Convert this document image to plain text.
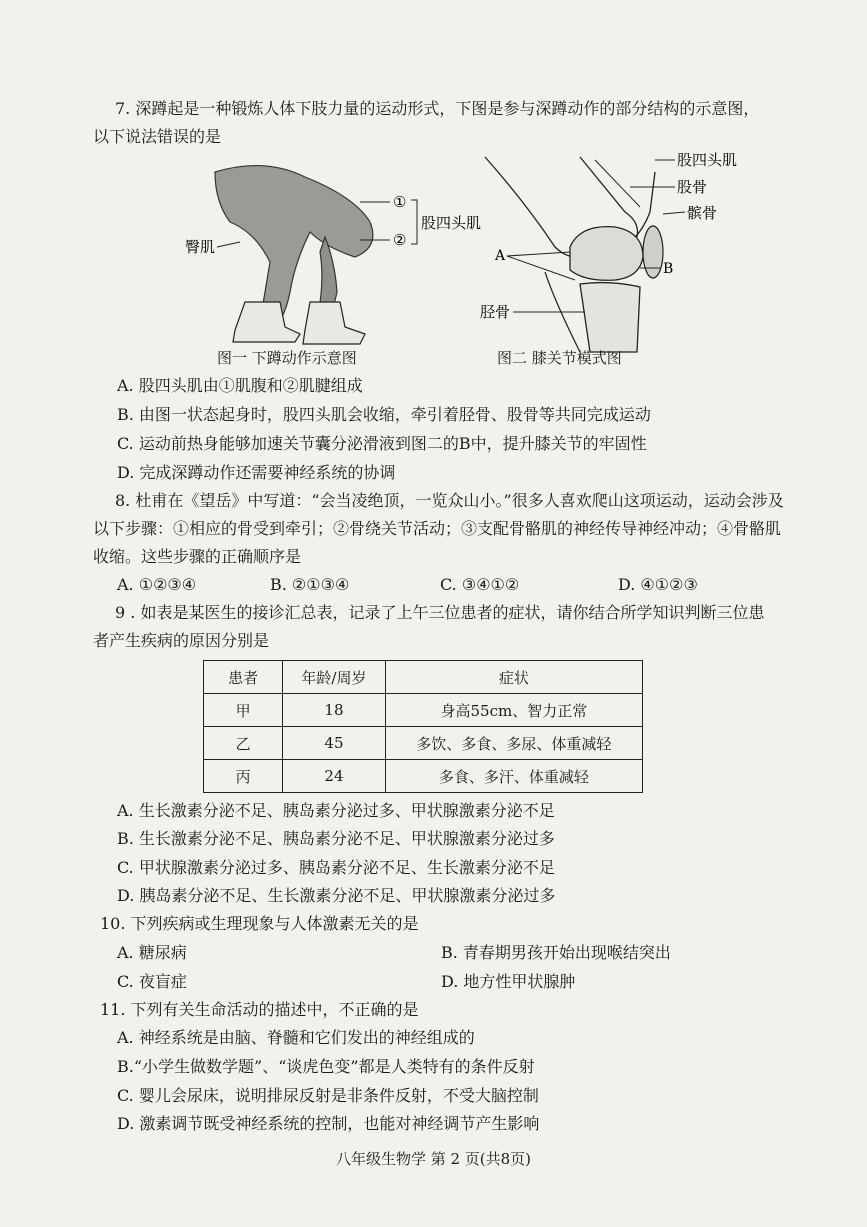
7. 深蹲起是一种锻炼人体下肢力量的运动形式，下图是参与深蹲动作的部分结构的示意图，
以下说法错误的是
①
②
股四头肌
臀肌
股四头肌
股骨
髌骨
A
B
胫骨
图一 下蹲动作示意图	图二 膝关节模式图
A. 股四头肌由①肌腹和②肌腱组成
B. 由图一状态起身时，股四头肌会收缩，牵引着胫骨、股骨等共同完成运动
C. 运动前热身能够加速关节囊分泌滑液到图二的B中，提升膝关节的牢固性
D. 完成深蹲动作还需要神经系统的协调
8. 杜甫在《望岳》中写道：“会当凌绝顶，一览众山小。”很多人喜欢爬山这项运动，运动会涉及
以下步骤：①相应的骨受到牵引；②骨绕关节活动；③支配骨骼肌的神经传导神经冲动；④骨骼肌
收缩。这些步骤的正确顺序是
A. ①②③④	B. ②①③④	C. ③④①②	D. ④①②③
9 . 如表是某医生的接诊汇总表，记录了上午三位患者的症状，请你结合所学知识判断三位患
者产生疾病的原因分别是
患者	年龄/周岁	症状
甲	18	身高55cm、智力正常
乙	45	多饮、多食、多尿、体重减轻
丙	24	多食、多汗、体重减轻
A. 生长激素分泌不足、胰岛素分泌过多、甲状腺激素分泌不足
B. 生长激素分泌不足、胰岛素分泌不足、甲状腺激素分泌过多
C. 甲状腺激素分泌过多、胰岛素分泌不足、生长激素分泌不足
D. 胰岛素分泌不足、生长激素分泌不足、甲状腺激素分泌过多
10. 下列疾病或生理现象与人体激素无关的是
A. 糖尿病	B. 青春期男孩开始出现喉结突出
C. 夜盲症	D. 地方性甲状腺肿
11. 下列有关生命活动的描述中，不正确的是
A. 神经系统是由脑、脊髓和它们发出的神经组成的
B.“小学生做数学题”、“谈虎色变”都是人类特有的条件反射
C. 婴儿会尿床，说明排尿反射是非条件反射，不受大脑控制
D. 激素调节既受神经系统的控制，也能对神经调节产生影响
八年级生物学 第 2 页(共8页)
